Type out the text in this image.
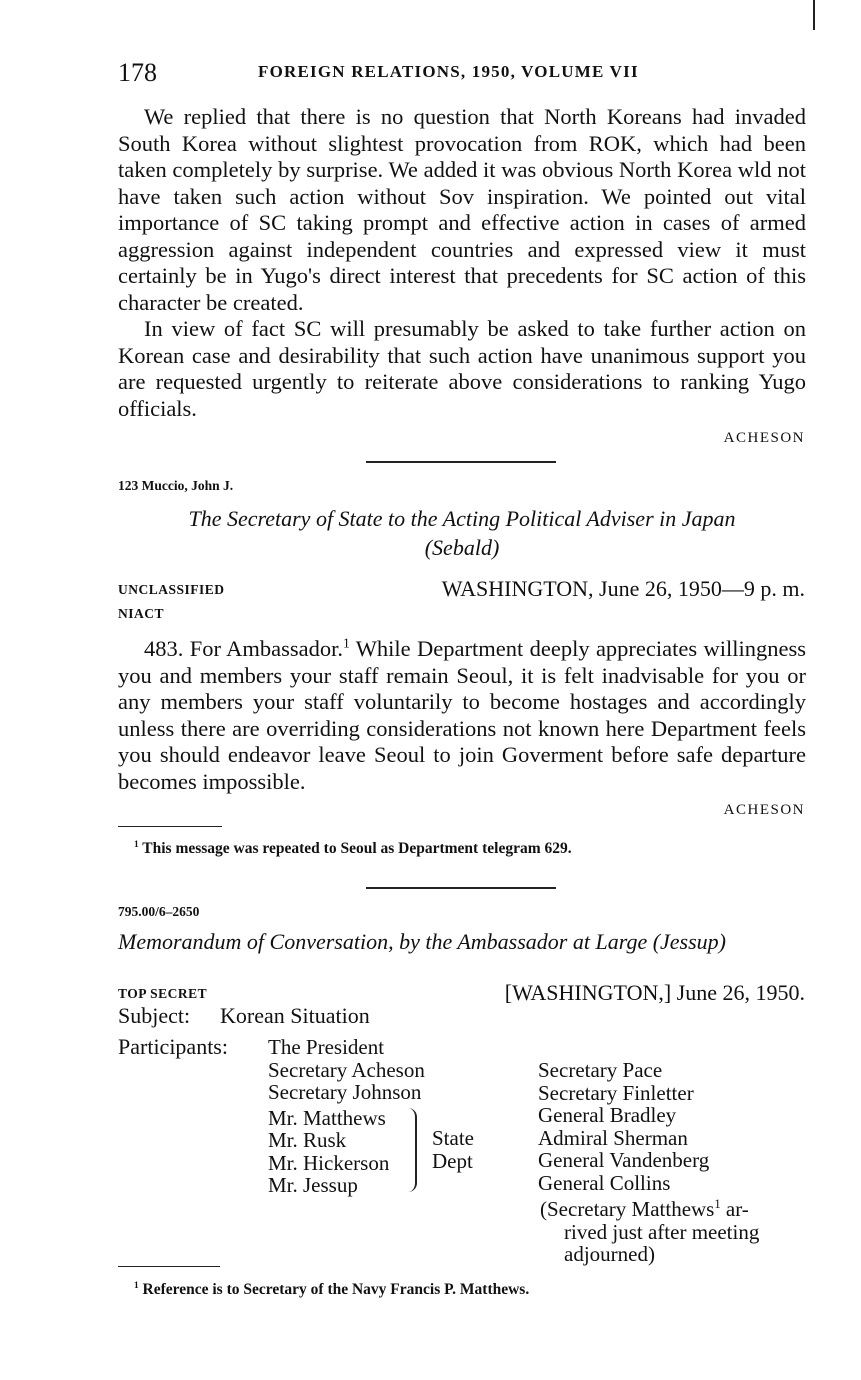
178	FOREIGN RELATIONS, 1950, VOLUME VII

We replied that there is no question that North Koreans had invaded South Korea without slightest provocation from ROK, which had been taken completely by surprise. We added it was obvious North Korea wld not have taken such action without Sov inspiration. We pointed out vital importance of SC taking prompt and effective action in cases of armed aggression against independent countries and expressed view it must certainly be in Yugo's direct interest that precedents for SC action of this character be created.

In view of fact SC will presumably be asked to take further action on Korean case and desirability that such action have unanimous support you are requested urgently to reiterate above considerations to ranking Yugo officials.

ACHESON
123 Muccio, John J.
The Secretary of State to the Acting Political Adviser in Japan
(Sebald)
UNCLASSIFIED	WASHINGTON, June 26, 1950—9 p. m.
NIACT

483. For Ambassador.$^1$ While Department deeply appreciates willingness you and members your staff remain Seoul, it is felt inadvisable for you or any members your staff voluntarily to become hostages and accordingly unless there are overriding considerations not known here Department feels you should endeavor leave Seoul to join Goverment before safe departure becomes impossible.

ACHESON
$^1$ This message was repeated to Seoul as Department telegram 629.
795.00/6–2650
Memorandum of Conversation, by the Ambassador at Large (Jessup)
TOP SECRET	[WASHINGTON,] June 26, 1950.
Subject: Korean Situation
Participants: The President
Secretary Acheson
Secretary Johnson
Mr. Matthews
Mr. Rusk
Mr. Hickerson
Mr. Jessup
State
Dept
Secretary Pace
Secretary Finletter
General Bradley
Admiral Sherman
General Vandenberg
General Collins
(Secretary Matthews$^1$ ar-
rived just after meeting
adjourned)
$^1$ Reference is to Secretary of the Navy Francis P. Matthews.
